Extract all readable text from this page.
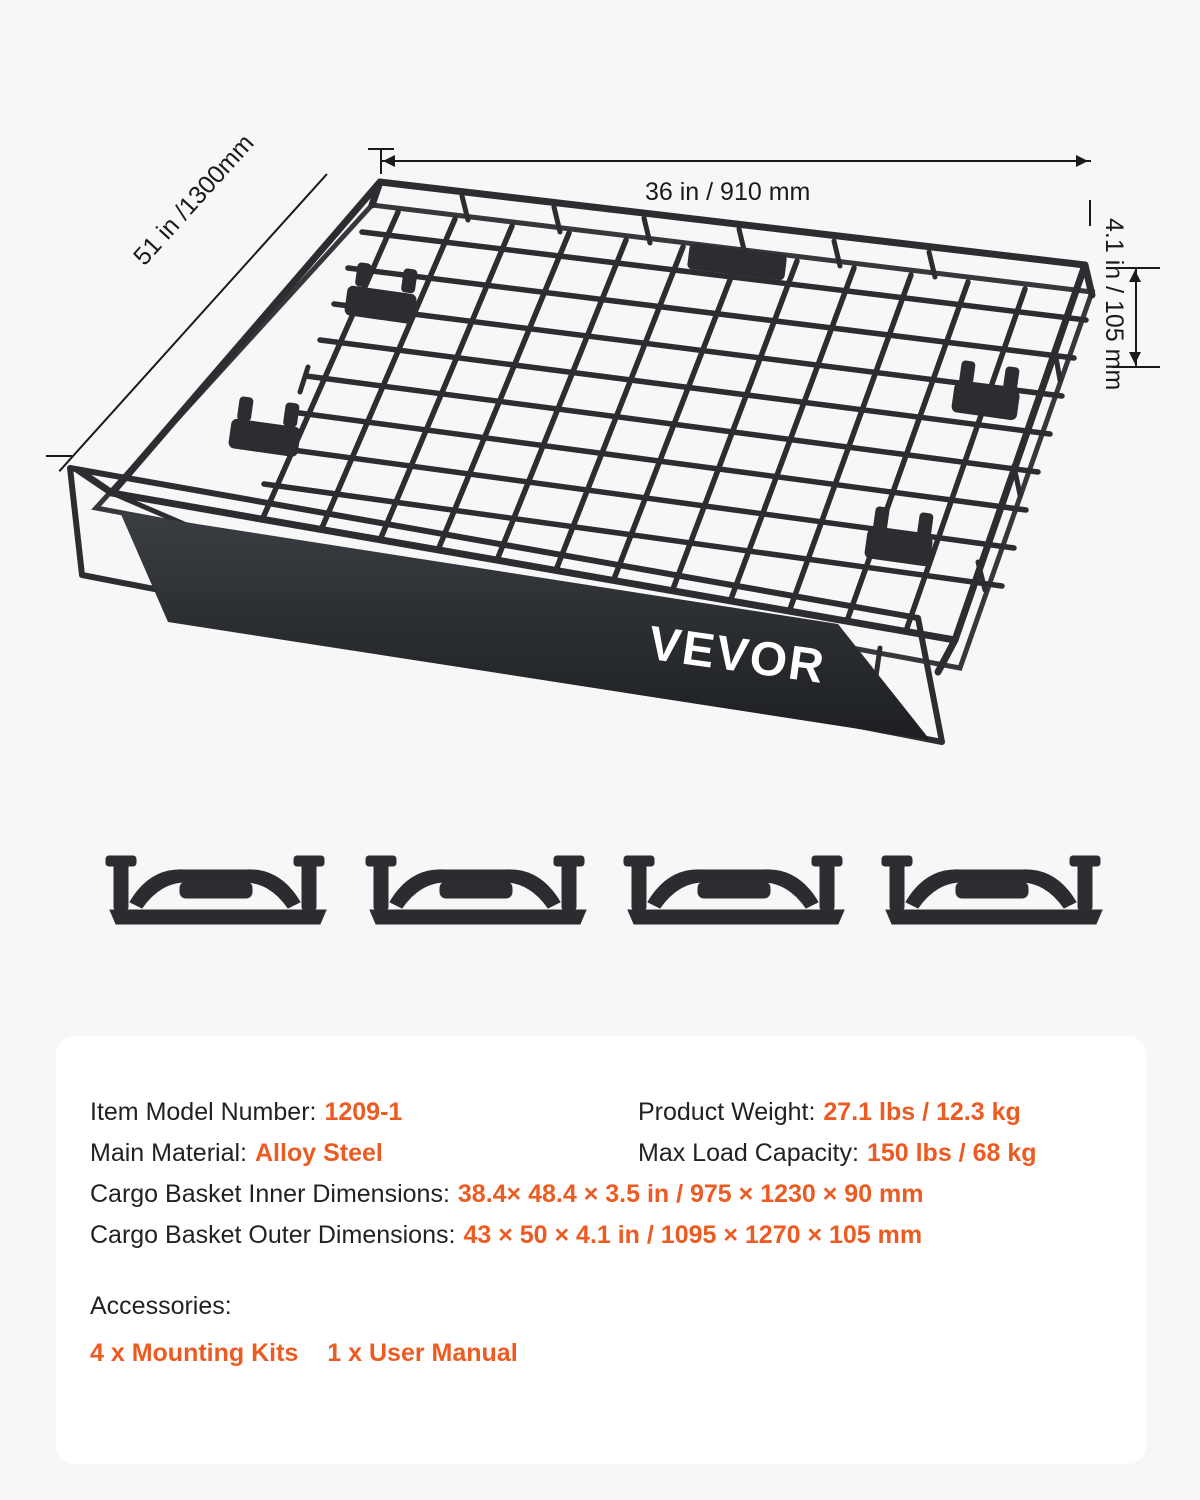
VEVOR
36 in / 910 mm
51 in /1300mm
4.1 in / 105 mm
Item Model Number: 1209-1	Product Weight: 27.1 lbs / 12.3 kg
Main Material: Alloy Steel	Max Load Capacity: 150 lbs / 68 kg
Cargo Basket Inner Dimensions: 38.4× 48.4 × 3.5 in / 975 × 1230 × 90 mm
Cargo Basket Outer Dimensions: 43 × 50 × 4.1 in / 1095 × 1270 × 105 mm
Accessories:
4 x Mounting Kits 1 x User Manual
